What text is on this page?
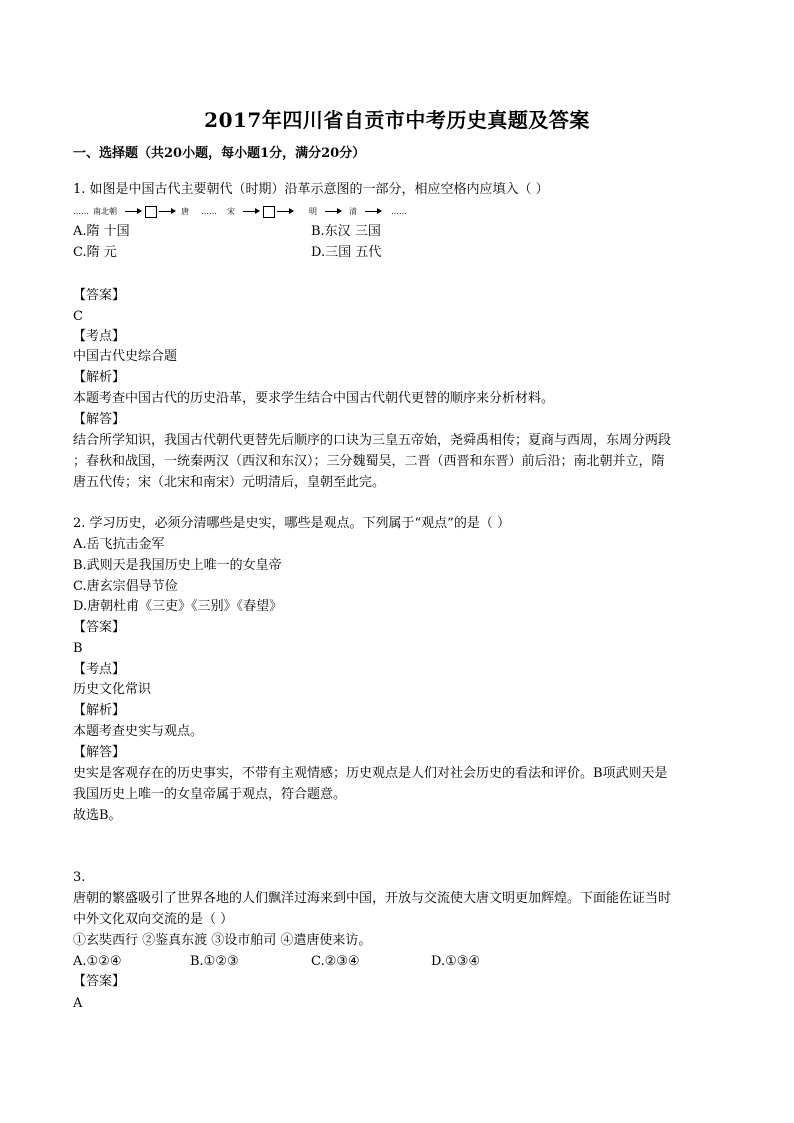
2017年四川省自贡市中考历史真题及答案
一、选择题（共20小题，每小题1分，满分20分）
1. 如图是中国古代主要朝代（时期）沿革示意图的一部分，相应空格内应填入（ ）
…… 南北朝	唐 …… 宋	明	清	……
A.隋 十国	B.东汉 三国
C.隋 元	D.三国 五代
【答案】
C
【考点】
中国古代史综合题
【解析】
本题考查中国古代的历史沿革，要求学生结合中国古代朝代更替的顺序来分析材料。
【解答】
结合所学知识，我国古代朝代更替先后顺序的口诀为三皇五帝始，尧舜禹相传；夏商与西周，东周分两段
；春秋和战国，一统秦两汉（西汉和东汉）；三分魏蜀吴，二晋（西晋和东晋）前后沿；南北朝并立，隋
唐五代传；宋（北宋和南宋）元明清后，皇朝至此完。
2. 学习历史，必须分清哪些是史实，哪些是观点。下列属于“观点”的是（ ）
A.岳飞抗击金军
B.武则天是我国历史上唯一的女皇帝
C.唐玄宗倡导节俭
D.唐朝杜甫《三吏》《三别》《春望》
【答案】
B
【考点】
历史文化常识
【解析】
本题考查史实与观点。
【解答】
史实是客观存在的历史事实，不带有主观情感；历史观点是人们对社会历史的看法和评价。B项武则天是
我国历史上唯一的女皇帝属于观点，符合题意。
故选B。
3.
唐朝的繁盛吸引了世界各地的人们飘洋过海来到中国，开放与交流使大唐文明更加辉煌。下面能佐证当时
中外文化双向交流的是（ ）
①玄奘西行 ②鉴真东渡 ③设市舶司 ④遣唐使来访。
A.①②④	B.①②③	C.②③④	D.①③④
【答案】
A
